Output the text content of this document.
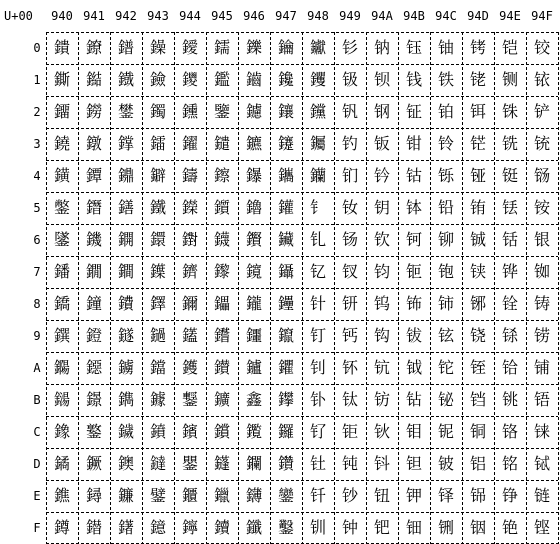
U+00	940 941 942 943 944 945 946 947 948 949 94A 94B 94C 94D 94E 94F
0
1
2
3
4
5
6
7
8
9
A
B
C
D
E
F
鐀 鐐 鐠 鐰 鑀 鑐 鑠 鑰 钀 钐 钠 钰 铀 铐 铠 铰
鐁 鐑 鐡 鐱 鑁 鑑 鑡 鑱 钁 钑 钡 钱 铁 铑 铡 铱
鐂 鐒 鐢 鐲 鑂 鑒 鑢 鑲 钂 钒 钢 钲 铂 铒 铢 铲
鐃 鐓 鐣 鐳 鑃 鑓 鑣 鑳 钃 钓 钣 钳 铃 铓 铣 铳
鐄 鐔 鐤 鐴 鑄 鑔 鑤 鑴 钄 钔 钤 钴 铄 铔 铤 铴
鐅 鐕 鐥 鐵 鑅 鑕 鑥 鑵 钅 钕 钥 钵 铅 铕 铥 铵
鐆 鐖 鐦 鐶 鑆 鑖 鑦 鑶 钆 钖 钦 钶 铆 铖 铦 银
鐇 鐗 鐧 鐷 鑇 鑗 鑧 鑷 钇 钗 钧 钷 铇 铗 铧 铷
鐈 鐘 鐨 鐸 鑈 鑘 鑨 鑸 针 钘 钨 钸 铈 铘 铨 铸
鐉 鐙 鐩 鐹 鑉 鑙 鑩 鑹 钉 钙 钩 钹 铉 铙 铩 铹
鐊 鐚 鐪 鐺 鑊 鑚 鑪 鑺 钊 钚 钪 钺 铊 铚 铪 铺
鐋 鐛 鐫 鐻 鑋 鑛 鑫 鑻 钋 钛 钫 钻 铋 铛 铫 铻
鐌 鐜 鐬 鐼 鑌 鑜 鑬 鑼 钌 钜 钬 钼 铌 铜 铬 铼
鐍 鐝 鐭 鐽 鑍 鑝 鑭 鑽 钍 钝 钭 钽 铍 铝 铭 铽
鐎 鐞 鐮 鐾 鑎 鑞 鑮 鑾 钎 钞 钮 钾 铎 铞 铮 链
鐏 鐟 鐯 鐿 鑏 鑟 鑯 鑿 钏 钟 钯 钿 铏 铟 铯 铿
